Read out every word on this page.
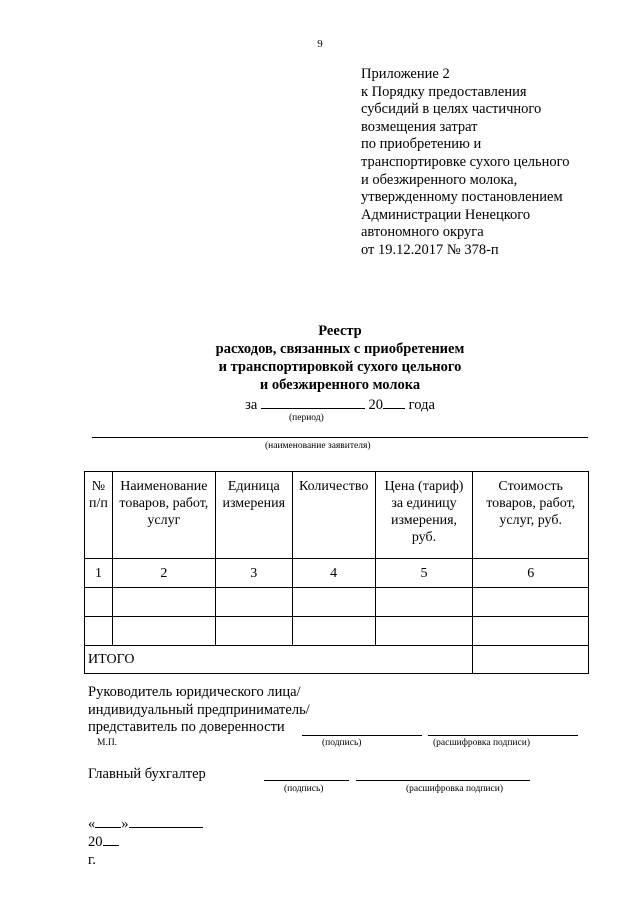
9
Приложение 2
к Порядку предоставления
субсидий в целях частичного
возмещения затрат
по приобретению и
транспортировке сухого цельного
и обезжиренного молока,
утвержденному постановлением
Администрации Ненецкого
автономного округа
от 19.12.2017 № 378-п
Реестр
расходов, связанных с приобретением
и транспортировкой сухого цельного
и обезжиренного молока
за	20 года
(период)
(наименование заявителя)
№ п/п	Наименование товаров, работ, услуг	Единица измерения	Количество	Цена (тариф) за единицу измерения, руб.	Стоимость товаров, работ, услуг, руб.
1	2	3	4	5	6

ИТОГО					
Руководитель юридического лица/
индивидуальный предприниматель/
представитель по доверенности
М.П.	(подпись)	(расшифровка подписи)
Главный бухгалтер
(подпись)	(расшифровка подписи)

« »
20
г.
